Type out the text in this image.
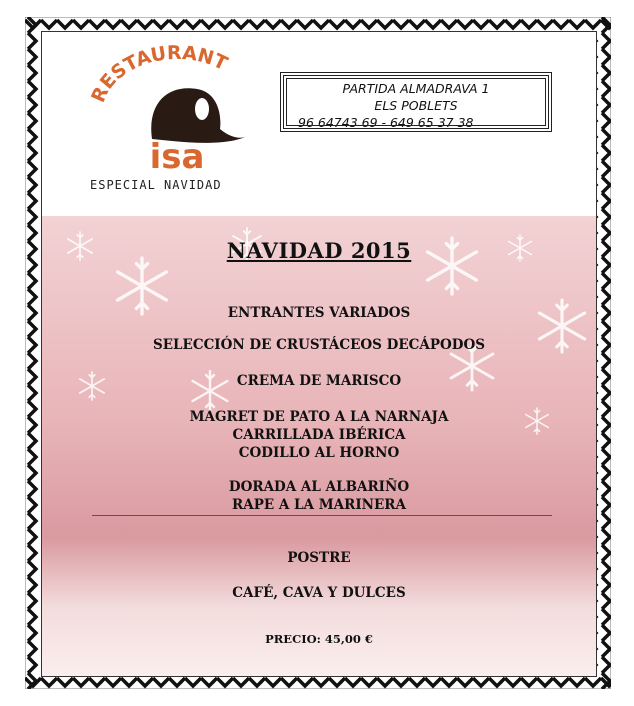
RESTAURANT
isa
ESPECIAL NAVIDAD
PARTIDA ALMADRAVA 1
ELS POBLETS
96 64743 69 - 649 65 37 38
NAVIDAD 2015
ENTRANTES VARIADOS
SELECCIÓN DE CRUSTÁCEOS DECÁPODOS
CREMA DE MARISCO
MAGRET DE PATO A LA NARNAJA
CARRILLADA IBÉRICA
CODILLO AL HORNO
DORADA AL ALBARIÑO
RAPE A LA MARINERA
POSTRE
CAFÉ, CAVA Y DULCES
PRECIO: 45,00 €
